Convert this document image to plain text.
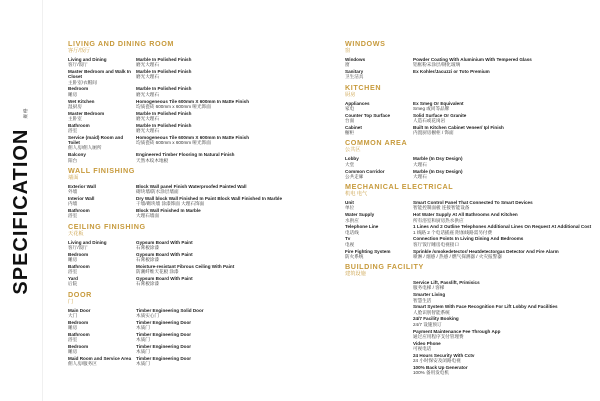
SPECIFICATION规格
LIVING AND DINING ROOM
客厅/饭厅
Living and Dining
客厅/饭厅
Marble In Polished Finish
磨光大理石
Master Bedroom and Walk In Closet
主卧室/衣帽间
Marble In Polished Finish
磨光大理石
Bedroom
睡房
Marble In Polished Finish
磨光大理石
Wet Kitchen
湿厨房
Homogeneous Tile 600mm X 600mm In Matte Finish
均质瓷砖 600mm x 600mm 哑光饰面
Master Bedroom
主卧室
Marble In Polished Finish
磨光大理石
Bathroom
浴室
Marble In Polished Finish
磨光大理石
Service (maid) Room and Toilet
佣人房/佣人厕所
Homogeneous Tile 600mm X 600mm In Matte Finish
均质瓷砖 600mm x 600mm 哑光饰面
Balcony
阳台
Engineered Timber Flooring In Natural Finish
天然木纹木地板
WALL FINISHING
墙面
Exterior Wall
外墙
Block Wall panel Finish Waterproofed Painted Wall
砌块墙/防水涂层墙面
Interior Wall
内墙
Dry Wall block Wall Finished In Paint Block Wall Finished In Marble
干墙/砌块墙 涂漆饰面 大理石饰面
Bathroom
浴室
Block Wall Finished In Marble
大理石墙面
CEILING FINISHING
天花板
Living and Dining
客厅/饭厅
Gypsum Board With Paint
石膏板涂漆
Bedroom
睡房
Gypsum Board With Paint
石膏板涂漆
Bathroom
浴室
Moisture-resistant Fibrous Ceiling With Paint
防潮纤维天花板 涂漆
Yard
后院
Gypsum Board With Paint
石膏板涂漆
DOOR
门
Main Door
大门
Timber Engineering Solid Door
木质实心门
Bedroom
睡房
Timber Engineering Door
木质门
Bathroom
浴室
Timber Engineering Door
木质门
Bedroom
睡房
Timber Engineering Door
木质门
Maid Room and Service Area
佣人房/服务区
Timber Engineering Door
木质门
WINDOWS
窗
Windows
窗
Powder Coating With Aluminium With Tempered Glass
铝框粉末涂层/钢化玻璃
Sanitary
卫生洁具
Ex Kohler/Jacuzzi or Toto Premium
KITCHEN
厨房
Appliances
家电
Ex Smeg Or Equivalent
Smeg 或同等品牌
Counter Top Surface
台面
Solid Surface Or Granite
人造石或花岗岩
Cabinet
橱柜
Built In Kitchen Cabinet Veneer/ Ipl Finish
内置厨房橱柜 / 饰面
COMMON AREA
公共区
Lobby
大堂
Marble (In Dsy Design)
大理石
Common Corridor
公共走廊
Marble (In Dsy Design)
大理石
MECHANICAL ELECTRICAL
机电 电气
Unit
单位
Smart Control Panel That Connected To Smart Devices
智能控制面板 连接智能设备
Water Supply
水供应
Hot Water Supply At All Bathrooms And Kitchen
所有浴室和厨房热水供应
Telephone Line
电话线
1 Lines And 2 Outline Telephones Additional Lines On Request At Additional Cost
1 线路 2 个电话插座 附加线路需另付费
Tv
电视
Connection Points In Living Dining And Bedrooms
客厅饭厅睡房电视接口
Fire Fighting System
防火系统
Sprinkle /smokedetector/ Heatdetectorgas Detector And Fire Alarm
喷淋 / 烟感 / 热感 / 燃气探测器 / 火灾报警器
BUILDING FACILITY
建筑设施
Service Lift, Passlift, Primisics
服务电梯 / 客梯
Smarter Living
智慧生活
Smart System With Face Recognition For Lift Lobby And Facilities
人脸识别智能系统
24/7 Facility Booking
24/7 设施预订
Payment Maintenance Fee Through App
通过应用程序支付管理费
Video Phone
可视电话
24 Hours Security With Cctv
24 小时保安及闭路电视
100% Back Up Generator
100% 备用发电机
